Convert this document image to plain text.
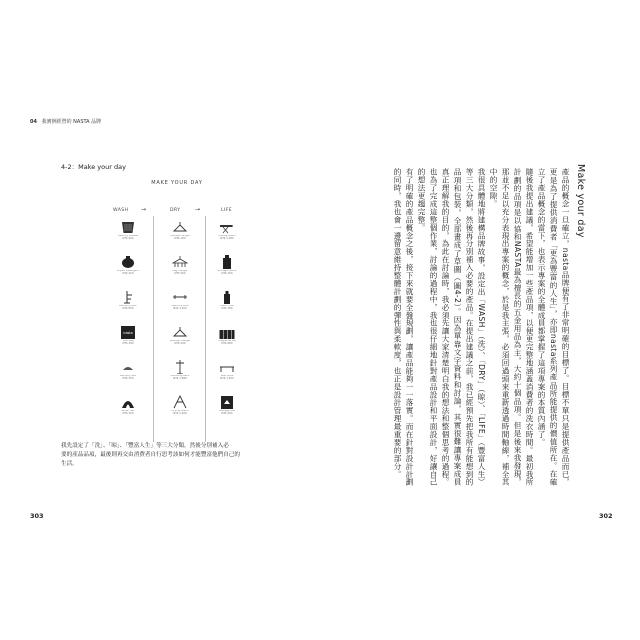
04 我實例經營的 NASTA 品牌
4-2：Make your day
MAKE YOUR DAY
WASH →	DRY →	LIFE
Laundry Basket
NT$ 990
Liquid Detergent
NT$ 420
Laundry Rack
NT$ 850
nasta
Tote Bag
NT$ 390
Laundry Net
NT$ 250
Brush Set
NT$ 320
Clothes Hanger
NT$ 180
Peg Hanger
NT$ 560
Laundry Pole
NT$ 1,200
Wooden Hanger
NT$ 240
Standing Rack
NT$ 1,680
Drying Stand
NT$ 2,400
Ironing Board
NT$ 1,480
Storage Bottle
NT$ 290
Fabric Mist
NT$ 380
Fragrance Set
NT$ 680
Wall Shelf
NT$ 1,250
Storage Box
NT$ 460

我先設定了「洗」、「晾」、「豐富人生」等三大分類，然後分別補入必

要的產品品項，最後則再交由消費者自行思考該如何才能豐富他們自己的

生活。

303
Make your day

產品的概念一旦確立，nasta品牌便有了非常明確的目標了。目標不單只是提供產品而已，更是為了提供消費者「更為豐富的人生」，亦即nasta系列產品所能提供的價值所在。在確立了產品概念的當下，也表示專案的全體成員都掌握了這項專案的本質內涵了。

隨後我提出建議，希望能增加一些產品項，以便更完整地涵蓋消費者的洗衣時間。最初我所計劃的品項是以協和NASTA最為擅長的五金用品為主，大約十個品項。但是後來我發現，那並不足以充分表現出專案的概念，於是我主張，必須回過頭來重新透過時間軸線，補全其中的空隙。

我很具體地將建構品牌故事，設定出「WASH」（洗）、「DRY」（晾）、「LIFE」（豐富人生）等三大分類，然後再分別補入必要的產品。在提出建議之前，我已經預先把我所有能想到的品項和包裝，全部畫成了草圖（圖4-2）。因為單靠文字資料和討論，其實很難讓專案成員真正理解我的目的，為此在討論時，我必須先讓大家清楚明白我的想法和整個思考的過程。也為了完成這整個作業，討論的過程中，我也很仔細地針對產品設計和平面設計，好讓自己的想法更趨完整。

有了明確的產品概念之後，接下來就要全盤規劃，讓產品能夠一一落實。而在針對設計計劃的同時，我也會一邊留意維持整體計劃的彈性與柔軟度，也正是設計管理最重要的部分。

302
